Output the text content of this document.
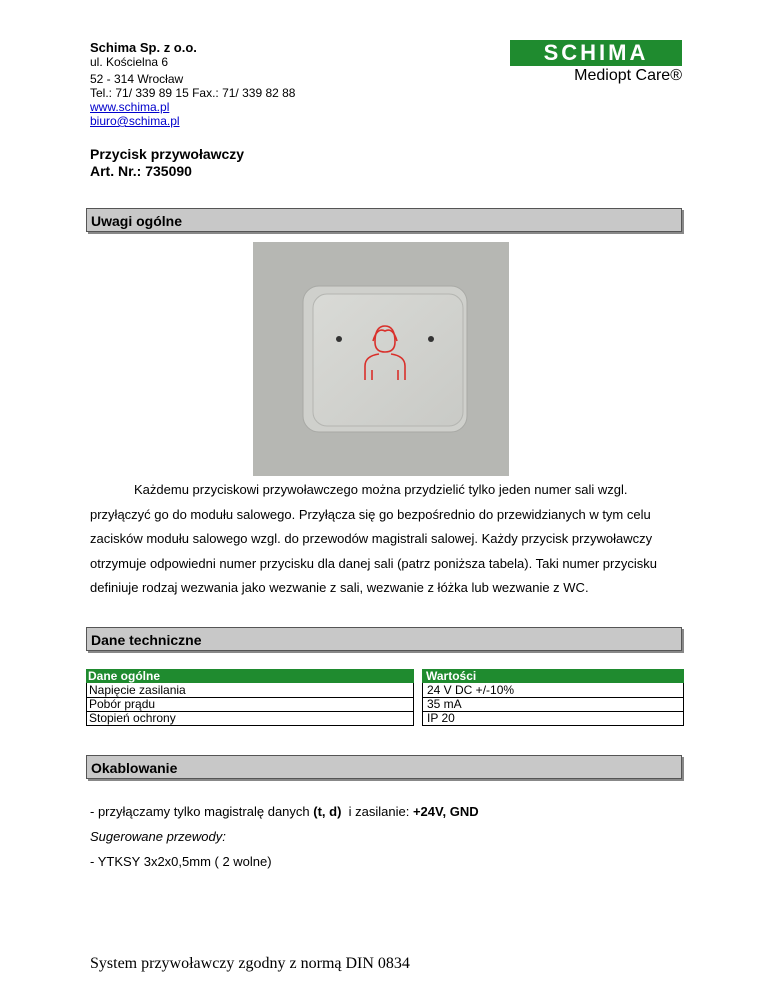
Schima Sp. z o.o.
ul. Kościelna 6
52 - 314 Wrocław
Tel.: 71/ 339 89 15 Fax.: 71/ 339 82 88
www.schima.pl
biuro@schima.pl
SCHIMA
Mediopt Care®
Przycisk przywoławczy
Art. Nr.: 735090
Uwagi ogólne
Każdemu przyciskowi przywoławczego można przydzielić tylko jeden numer sali wzgl. przyłączyć go do modułu salowego. Przyłącza się go bezpośrednio do przewidzianych w tym celu zacisków modułu salowego wzgl. do przewodów magistrali salowej. Każdy przycisk przywoławczy otrzymuje odpowiedni numer przycisku dla danej sali (patrz poniższa tabela). Taki numer przycisku definiuje rodzaj wezwania jako wezwanie z sali, wezwanie z łóżka lub wezwanie z WC.
Dane techniczne
Dane ogólne	Wartości
Napięcie zasilania	24 V DC +/-10%
Pobór prądu	35 mA
Stopień ochrony	IP 20
Okablowanie
- przyłączamy tylko magistralę danych (t, d)  i zasilanie: +24V, GND
Sugerowane przewody:
- YTKSY 3x2x0,5mm ( 2 wolne)
System przywoławczy zgodny z normą DIN 0834
